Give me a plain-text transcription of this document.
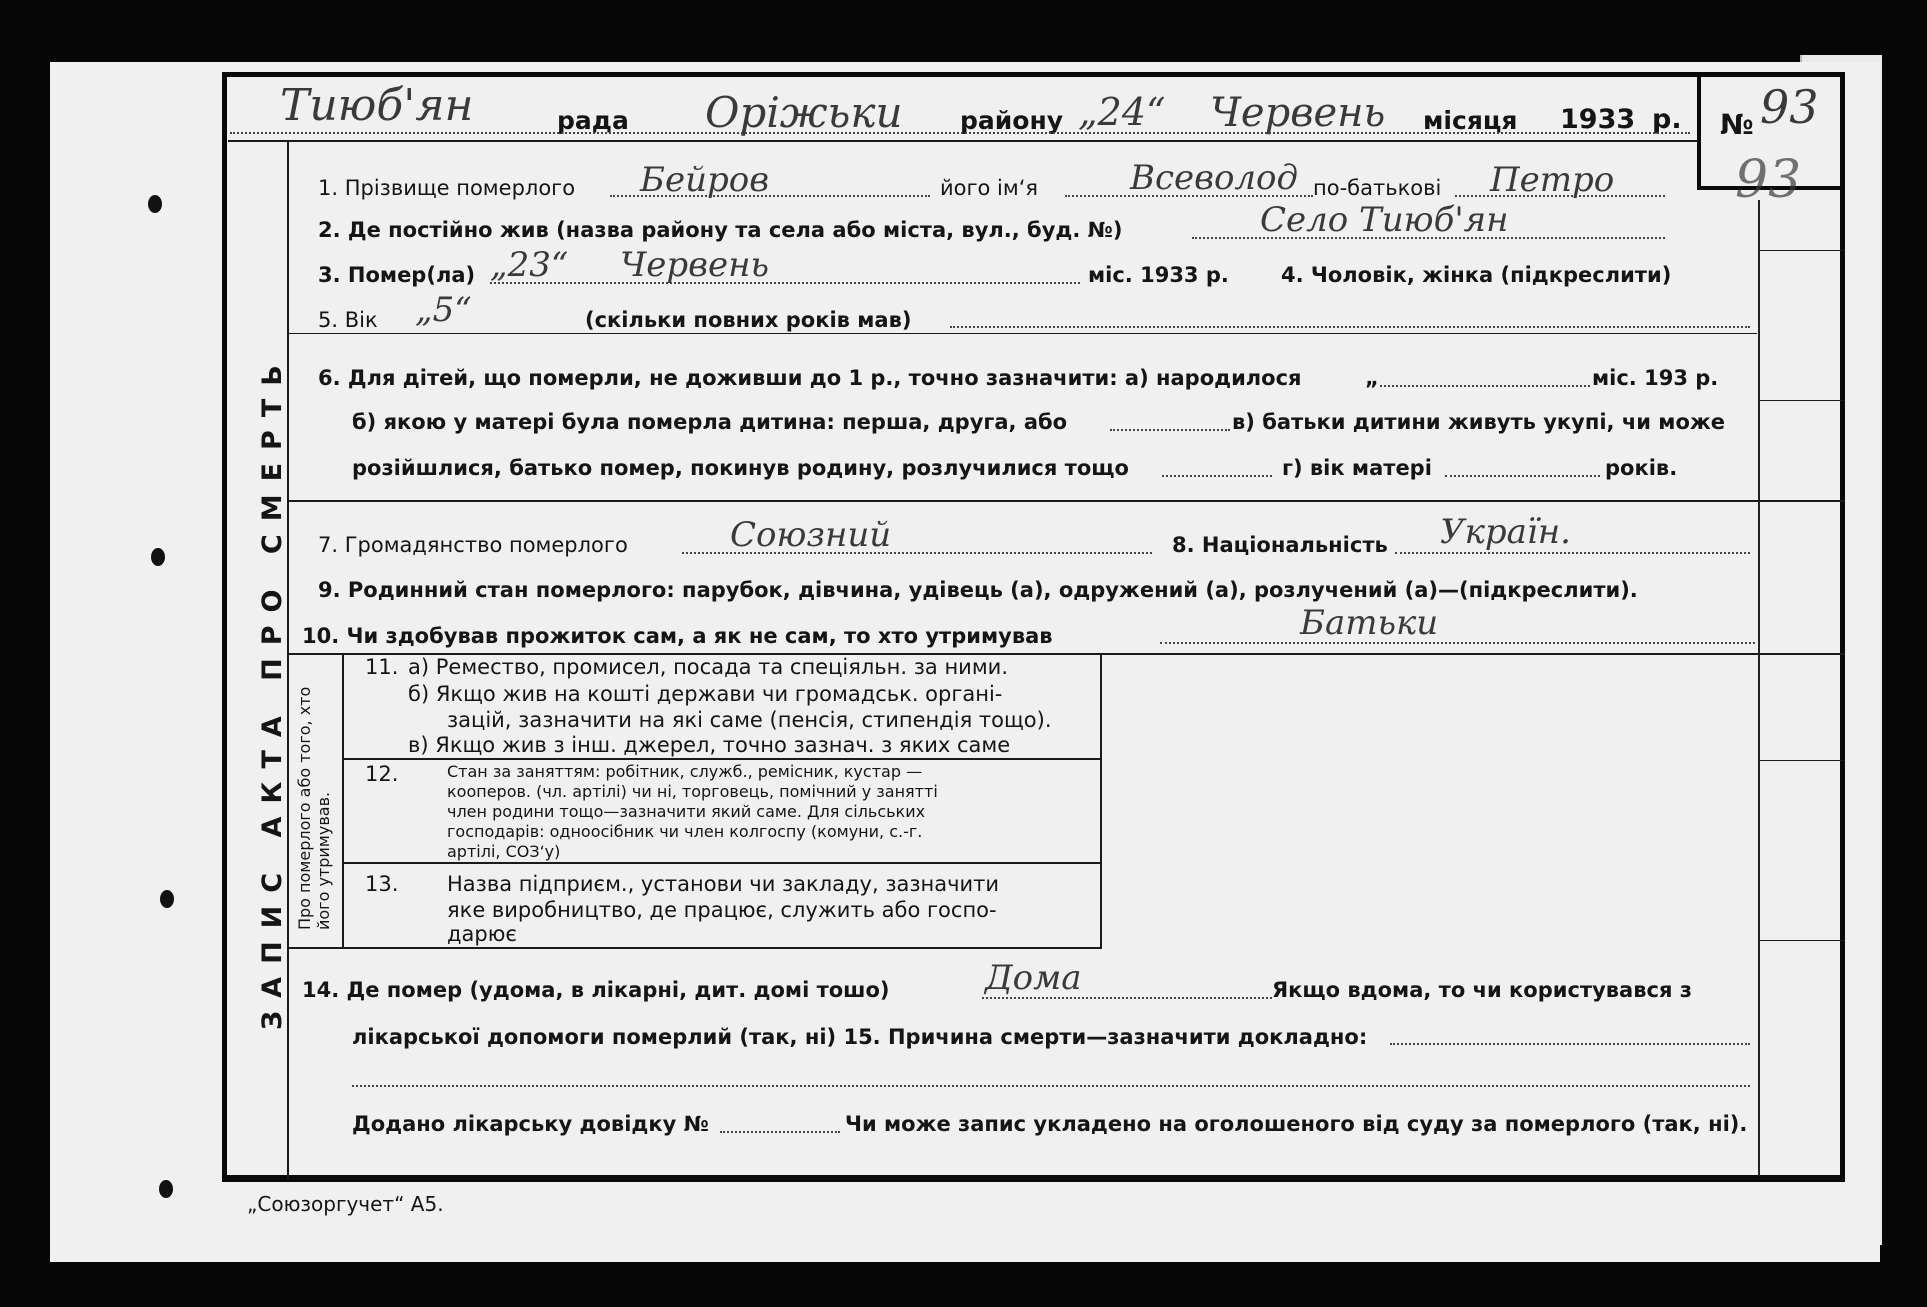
ЗАПИС АКТА ПРО СМЕРТЬ Про померлого або того, хто його утримував.
Тиюб'ян	рада Оріжьки району „24“ Червень місяця 1933 р. № 93
93
1. Прізвище померлого Бейров	його ім‘я	Всеволод по-батькові Петро
2. Де постійно жив (назва району та села або міста, вул., буд. №)	Село Тиюб'ян
3. Помер(ла) „23“ Червень	міс. 1933 р. 4. Чоловік, жінка (підкреслити)
5. Вік „5“	(скільки повних років мав)
6. Для дітей, що померли, не доживши до 1 р., точно зазначити: а) народилося	„	міс. 193 р.
б) якою у матері була померла дитина: перша, друга, або	в) батьки дитини живуть укупі, чи може
розійшлися, батько помер, покинув родину, розлучилися тощо	г) вік матері	років.
7. Громадянство померлого	Союзний	8. Національність Україн.
9. Родинний стан померлого: парубок, дівчина, удівець (а), одружений (а), розлучений (а)—(підкреслити).
10. Чи здобував прожиток сам, а як не сам, то хто утримував	Батьки
11. а) Ремество, промисел, посада та спеціяльн. за ними.
б) Якщо жив на коштi держави чи громадськ. органі-
зацій, зазначити на які саме (пенсія, стипендія тощо).
в) Якщо жив з інш. джерел, точно зазнач. з яких саме
12.	Стан за заняттям: робітник, служб., ремісник, кустар —
кооперов. (чл. артілі) чи ні, торговець, помічний у занятті
член родини тощо—зазначити який саме. Для сільських
господарів: одноосібник чи член колгоспу (комуни, с.-г.
артілі, СОЗ‘у)
13. Назва підприєм., установи чи закладу, зазначити
яке виробництво, де працює, служить або госпо-
дарює
14. Де помер (удома, в лікарні, дит. домі тошо)	Дома	Якщо вдома, то чи користувався з
лікарської допомоги померлий (так, ні) 15. Причина смерти—зазначити докладно:
Додано лікарську довідку №	Чи може запис укладено на оголошеного від суду за померлого (так, ні).
„Союзоргучет“ А5.
